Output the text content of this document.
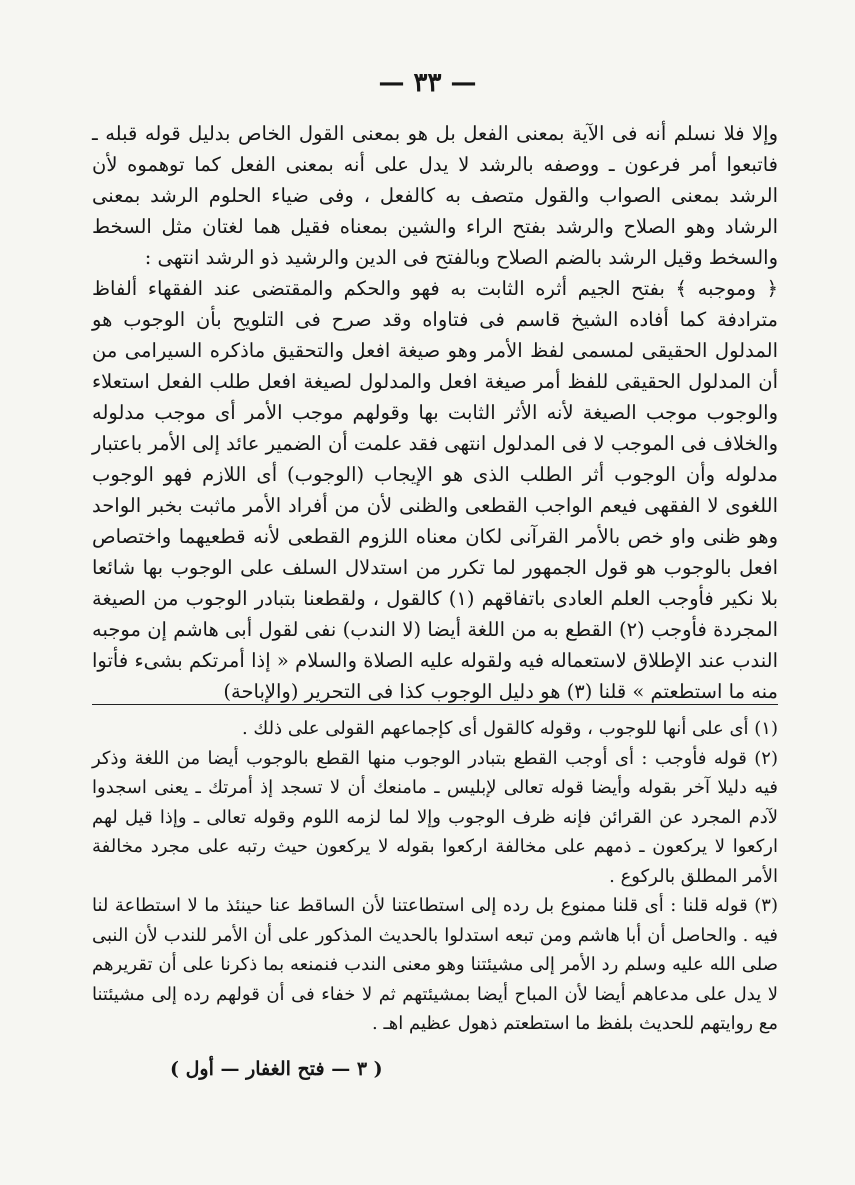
— ٣٣ —

وإلا فلا نسلم أنه فى الآية بمعنى الفعل بل هو بمعنى القول الخاص بدليل قوله قبله ـ فاتبعوا أمر فرعون ـ ووصفه بالرشد لا يدل على أنه بمعنى الفعل كما توهموه لأن الرشد بمعنى الصواب والقول متصف به كالفعل ، وفى ضياء الحلوم الرشد بمعنى الرشاد وهو الصلاح والرشد بفتح الراء والشين بمعناه فقيل هما لغتان مثل السخط والسخط وقيل الرشد بالضم الصلاح وبالفتح فى الدين والرشيد ذو الرشد انتهى :

﴿ وموجبه ﴾ بفتح الجيم أثره الثابت به فهو والحكم والمقتضى عند الفقهاء ألفاظ مترادفة كما أفاده الشيخ قاسم فى فتاواه وقد صرح فى التلويح بأن الوجوب هو المدلول الحقيقى لمسمى لفظ الأمر وهو صيغة افعل والتحقيق ماذكره السيرامى من أن المدلول الحقيقى للفظ أمر صيغة افعل والمدلول لصيغة افعل طلب الفعل استعلاء والوجوب موجب الصيغة لأنه الأثر الثابت بها وقولهم موجب الأمر أى موجب مدلوله والخلاف فى الموجب لا فى المدلول انتهى فقد علمت أن الضمير عائد إلى الأمر باعتبار مدلوله وأن الوجوب أثر الطلب الذى هو الإيجاب (الوجوب) أى اللازم فهو الوجوب اللغوى لا الفقهى فيعم الواجب القطعى والظنى لأن من أفراد الأمر ماثبت بخبر الواحد وهو ظنى واو خص بالأمر القرآنى لكان معناه اللزوم القطعى لأنه قطعيهما واختصاص افعل بالوجوب هو قول الجمهور لما تكرر من استدلال السلف على الوجوب بها شائعا بلا نكير فأوجب العلم العادى باتفاقهم (١) كالقول ، ولقطعنا بتبادر الوجوب من الصيغة المجردة فأوجب (٢) القطع به من اللغة أيضا (لا الندب) نفى لقول أبى هاشم إن موجبه الندب عند الإطلاق لاستعماله فيه ولقوله عليه الصلاة والسلام « إذا أمرتكم بشىء فأتوا منه ما استطعتم » قلنا (٣) هو دليل الوجوب كذا فى التحرير (والإباحة)

(١) أى على أنها للوجوب ، وقوله كالقول أى كإجماعهم القولى على ذلك .

(٢) قوله فأوجب : أى أوجب القطع بتبادر الوجوب منها القطع بالوجوب أيضا من اللغة وذكر فيه دليلا آخر بقوله وأيضا قوله تعالى لإبليس ـ مامنعك أن لا تسجد إذ أمرتك ـ يعنى اسجدوا لآدم المجرد عن القرائن فإنه ظرف الوجوب وإلا لما لزمه اللوم وقوله تعالى ـ وإذا قيل لهم اركعوا لا يركعون ـ ذمهم على مخالفة اركعوا بقوله لا يركعون حيث رتبه على مجرد مخالفة الأمر المطلق بالركوع .

(٣) قوله قلنا : أى قلنا ممنوع بل رده إلى استطاعتنا لأن الساقط عنا حينئذ ما لا استطاعة لنا فيه . والحاصل أن أبا هاشم ومن تبعه استدلوا بالحديث المذكور على أن الأمر للندب لأن النبى صلى الله عليه وسلم رد الأمر إلى مشيئتنا وهو معنى الندب فنمنعه بما ذكرنا على أن تقريرهم لا يدل على مدعاهم أيضا لأن المباح أيضا بمشيئتهم ثم لا خفاء فى أن قولهم رده إلى مشيئتنا مع روايتهم للحديث بلفظ ما استطعتم ذهول عظيم اهـ .

( ٣ — فتح الغفار — أول )
